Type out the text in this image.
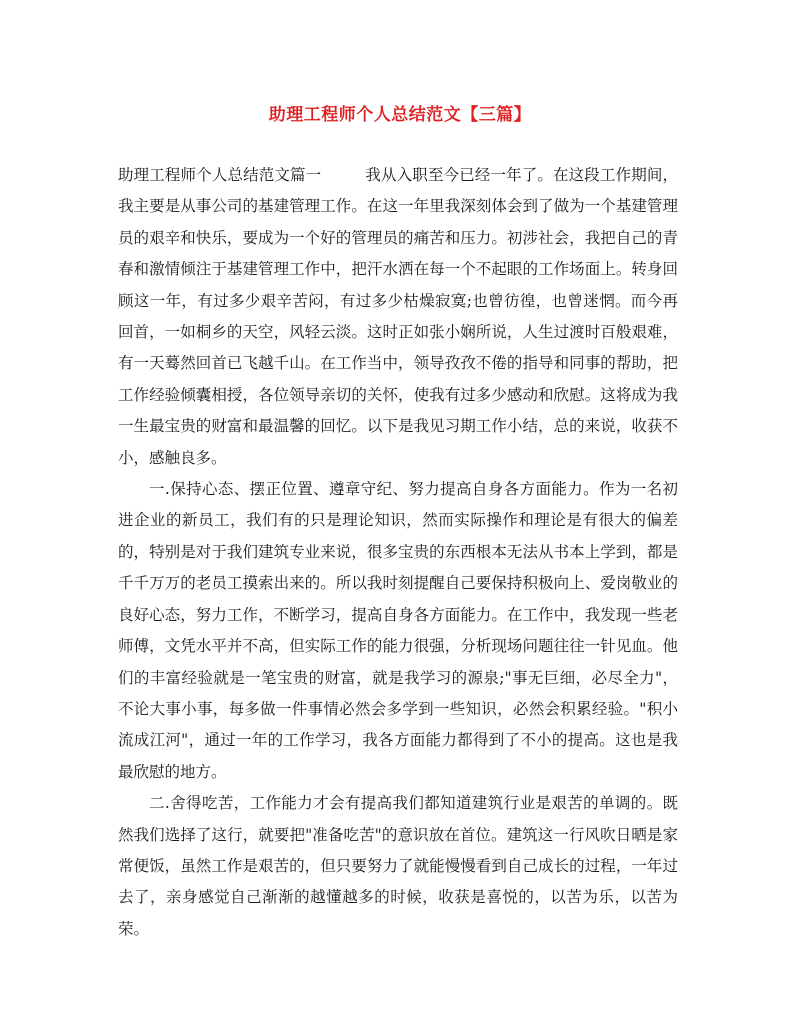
助理工程师个人总结范文【三篇】

助理工程师个人总结范文篇一	我从入职至今已经一年了。在这段工作期间，我主要是从事公司的基建管理工作。在这一年里我深刻体会到了做为一个基建管理员的艰辛和快乐，要成为一个好的管理员的痛苦和压力。初涉社会，我把自己的青春和激情倾注于基建管理工作中，把汗水洒在每一个不起眼的工作场面上。转身回顾这一年，有过多少艰辛苦闷，有过多少枯燥寂寞;也曾彷徨，也曾迷惘。而今再回首，一如桐乡的天空，风轻云淡。这时正如张小娴所说，人生过渡时百般艰难，有一天蓦然回首已飞越千山。在工作当中，领导孜孜不倦的指导和同事的帮助，把工作经验倾囊相授，各位领导亲切的关怀，使我有过多少感动和欣慰。这将成为我一生最宝贵的财富和最温馨的回忆。以下是我见习期工作小结，总的来说，收获不小，感触良多。

一.保持心态、摆正位置、遵章守纪、努力提高自身各方面能力。作为一名初进企业的新员工，我们有的只是理论知识，然而实际操作和理论是有很大的偏差的，特别是对于我们建筑专业来说，很多宝贵的东西根本无法从书本上学到，都是千千万万的老员工摸索出来的。所以我时刻提醒自己要保持积极向上、爱岗敬业的良好心态，努力工作，不断学习，提高自身各方面能力。在工作中，我发现一些老师傅，文凭水平并不高，但实际工作的能力很强，分析现场问题往往一针见血。他们的丰富经验就是一笔宝贵的财富，就是我学习的源泉;"事无巨细，必尽全力"，不论大事小事，每多做一件事情必然会多学到一些知识，必然会积累经验。"积小流成江河"，通过一年的工作学习，我各方面能力都得到了不小的提高。这也是我最欣慰的地方。

二.舍得吃苦，工作能力才会有提高我们都知道建筑行业是艰苦的单调的。既然我们选择了这行，就要把"准备吃苦"的意识放在首位。建筑这一行风吹日晒是家常便饭，虽然工作是艰苦的，但只要努力了就能慢慢看到自己成长的过程，一年过去了，亲身感觉自己渐渐的越懂越多的时候，收获是喜悦的，以苦为乐，以苦为荣。
